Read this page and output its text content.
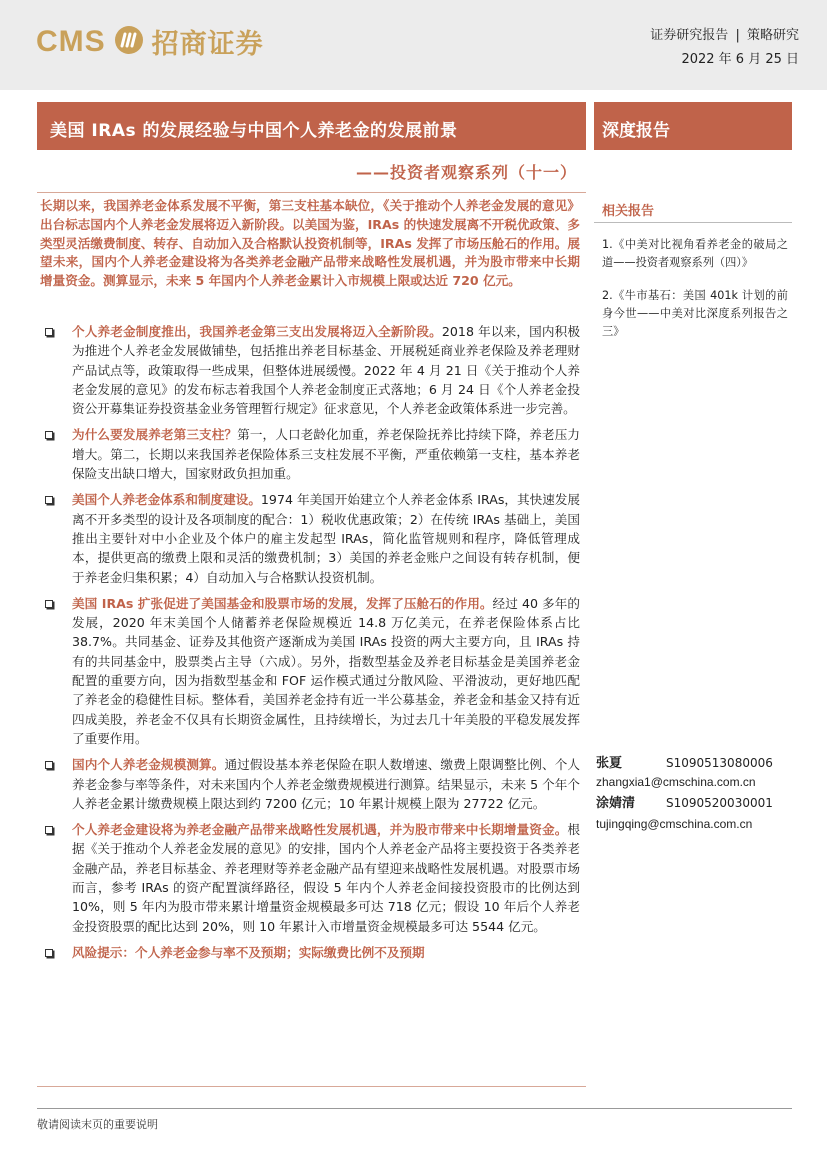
CMS 招商证券	证券研究报告 | 策略研究
2022 年 6 月 25 日
美国 IRAs 的发展经验与中国个人养老金的发展前景	深度报告
——投资者观察系列（十一）
长期以来，我国养老金体系发展不平衡，第三支柱基本缺位，《关于推动个人养老金发展的意见》出台标志国内个人养老金发展将迈入新阶段。以美国为鉴，IRAs 的快速发展离不开税优政策、多类型灵活缴费制度、转存、自动加入及合格默认投资机制等，IRAs 发挥了市场压舱石的作用。展望未来，国内个人养老金建设将为各类养老金融产品带来战略性发展机遇，并为股市带来中长期增量资金。测算显示，未来 5 年国内个人养老金累计入市规模上限或达近 720 亿元。
个人养老金制度推出，我国养老金第三支出发展将迈入全新阶段。2018 年以来，国内积极为推进个人养老金发展做铺垫，包括推出养老目标基金、开展税延商业养老保险及养老理财产品试点等，政策取得一些成果，但整体进展缓慢。2022 年 4 月 21 日《关于推动个人养老金发展的意见》的发布标志着我国个人养老金制度正式落地；6 月 24 日《个人养老金投资公开募集证券投资基金业务管理暂行规定》征求意见，个人养老金政策体系进一步完善。
为什么要发展养老第三支柱？第一，人口老龄化加重，养老保险抚养比持续下降，养老压力增大。第二，长期以来我国养老保险体系三支柱发展不平衡，严重依赖第一支柱，基本养老保险支出缺口增大，国家财政负担加重。
美国个人养老金体系和制度建设。1974 年美国开始建立个人养老金体系 IRAs，其快速发展离不开多类型的设计及各项制度的配合：1）税收优惠政策；2）在传统 IRAs 基础上，美国推出主要针对中小企业及个体户的雇主发起型 IRAs，简化监管规则和程序，降低管理成本，提供更高的缴费上限和灵活的缴费机制；3）美国的养老金账户之间设有转存机制，便于养老金归集积累；4）自动加入与合格默认投资机制。
美国 IRAs 扩张促进了美国基金和股票市场的发展，发挥了压舱石的作用。经过 40 多年的发展，2020 年末美国个人储蓄养老保险规模近 14.8 万亿美元，在养老保险体系占比 38.7%。共同基金、证券及其他资产逐渐成为美国 IRAs 投资的两大主要方向，且 IRAs 持有的共同基金中，股票类占主导（六成）。另外，指数型基金及养老目标基金是美国养老金配置的重要方向，因为指数型基金和 FOF 运作模式通过分散风险、平滑波动，更好地匹配了养老金的稳健性目标。整体看，美国养老金持有近一半公募基金，养老金和基金又持有近四成美股，养老金不仅具有长期资金属性，且持续增长，为过去几十年美股的平稳发展发挥了重要作用。
国内个人养老金规模测算。通过假设基本养老保险在职人数增速、缴费上限调整比例、个人养老金参与率等条件，对未来国内个人养老金缴费规模进行测算。结果显示，未来 5 个年个人养老金累计缴费规模上限达到约 7200 亿元；10 年累计规模上限为 27722 亿元。
个人养老金建设将为养老金融产品带来战略性发展机遇，并为股市带来中长期增量资金。根据《关于推动个人养老金发展的意见》的安排，国内个人养老金产品将主要投资于各类养老金融产品，养老目标基金、养老理财等养老金融产品有望迎来战略性发展机遇。对股票市场而言，参考 IRAs 的资产配置演绎路径，假设 5 年内个人养老金间接投资股市的比例达到 10%，则 5 年内为股市带来累计增量资金规模最多可达 718 亿元；假设 10 年后个人养老金投资股票的配比达到 20%，则 10 年累计入市增量资金规模最多可达 5544 亿元。
风险提示：个人养老金参与率不及预期；实际缴费比例不及预期
相关报告
1.《中美对比视角看养老金的破局之道——投资者观察系列（四）》
2.《牛市基石：美国 401k 计划的前身今世——中美对比深度系列报告之三》
张夏	S1090513080006
zhangxia1@cmschina.com.cn
涂婧清	S1090520030001
tujingqing@cmschina.com.cn
敬请阅读末页的重要说明
